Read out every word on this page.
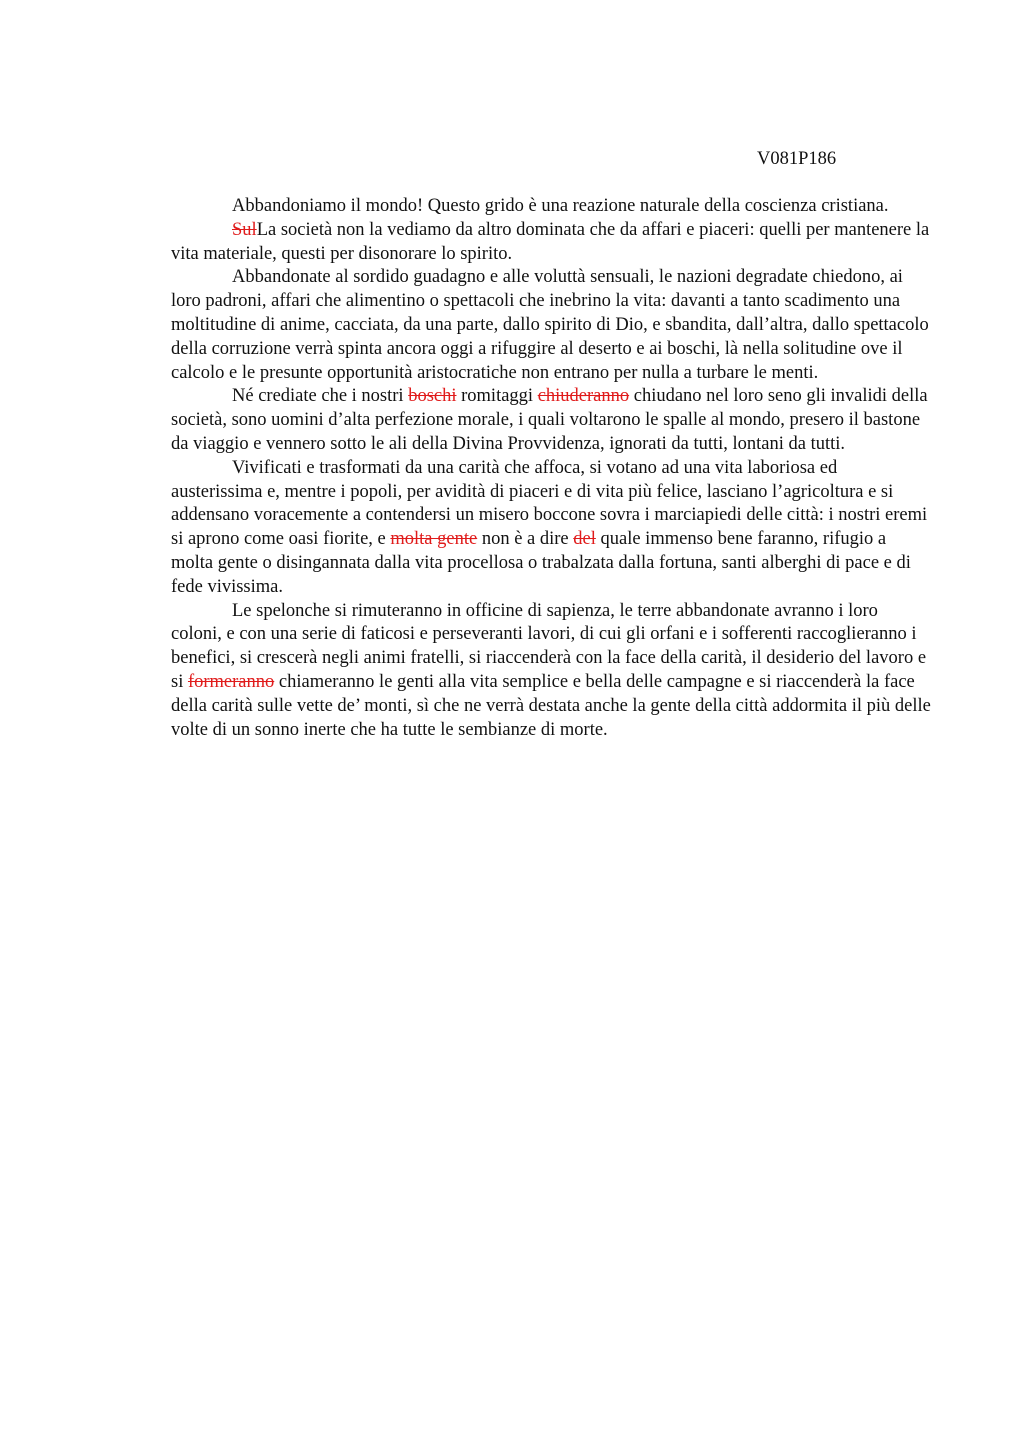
V081P186

Abbandoniamo il mondo! Questo grido è una reazione naturale della coscienza cristiana.

SulLa società non la vediamo da altro dominata che da affari e piaceri: quelli per mantenere la vita materiale, questi per disonorare lo spirito.

Abbandonate al sordido guadagno e alle voluttà sensuali, le nazioni degradate chiedono, ai loro padroni, affari che alimentino o spettacoli che inebrino la vita: davanti a tanto scadimento una moltitudine di anime, cacciata, da una parte, dallo spirito di Dio, e sbandita, dall’altra, dallo spettacolo della corruzione verrà spinta ancora oggi a rifuggire al deserto e ai boschi, là nella solitudine ove il calcolo e le presunte opportunità aristocratiche non entrano per nulla a turbare le menti.

Né crediate che i nostri boschi romitaggi chiuderanno chiudano nel loro seno gli invalidi della società, sono uomini d’alta perfezione morale, i quali voltarono le spalle al mondo, presero il bastone da viaggio e vennero sotto le ali della Divina Provvidenza, ignorati da tutti, lontani da tutti.

Vivificati e trasformati da una carità che affoca, si votano ad una vita laboriosa ed austerissima e, mentre i popoli, per avidità di piaceri e di vita più felice, lasciano l’agricoltura e si addensano voracemente a contendersi un misero boccone sovra i marciapiedi delle città: i nostri eremi si aprono come oasi fiorite, e molta gente non è a dire del quale immenso bene faranno, rifugio a molta gente o disingannata dalla vita procellosa o trabalzata dalla fortuna, santi alberghi di pace e di fede vivissima.

Le spelonche si rimuteranno in officine di sapienza, le terre abbandonate avranno i loro coloni, e con una serie di faticosi e perseveranti lavori, di cui gli orfani e i sofferenti raccoglieranno i benefici, si crescerà negli animi fratelli, si riaccenderà con la face della carità, il desiderio del lavoro e si formeranno chiameranno le genti alla vita semplice e bella delle campagne e si riaccenderà la face della carità sulle vette de’ monti, sì che ne verrà destata anche la gente della città addormita il più delle volte di un sonno inerte che ha tutte le sembianze di morte.
